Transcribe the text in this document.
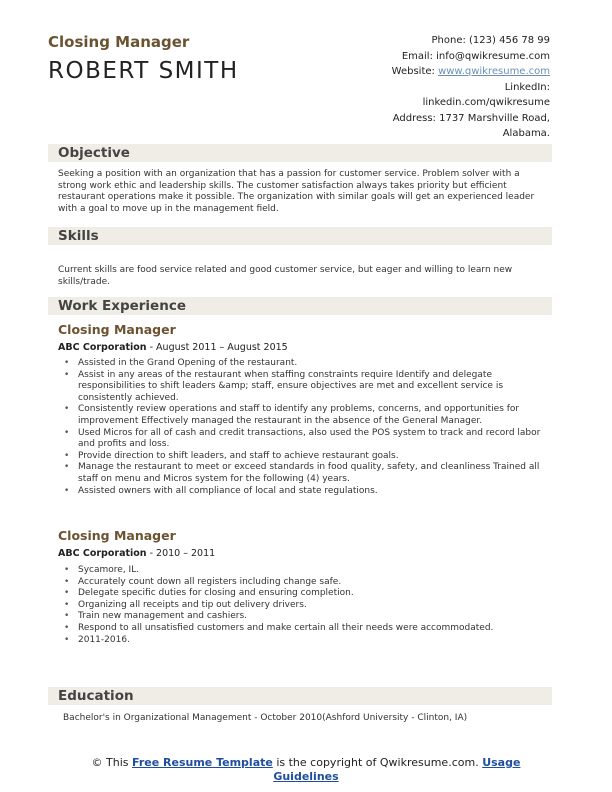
Closing Manager
ROBERT SMITH
Phone: (123) 456 78 99
Email: info@qwikresume.com
Website: www.qwikresume.com
LinkedIn:
linkedin.com/qwikresume
Address: 1737 Marshville Road,
Alabama.
Objective
Seeking a position with an organization that has a passion for customer service. Problem solver with a strong work ethic and leadership skills. The customer satisfaction always takes priority but efficient restaurant operations make it possible. The organization with similar goals will get an experienced leader with a goal to move up in the management field.
Skills
Current skills are food service related and good customer service, but eager and willing to learn new skills/trade.
Work Experience
Closing Manager
ABC Corporation - August 2011 – August 2015
• Assisted in the Grand Opening of the restaurant.
• Assist in any areas of the restaurant when staffing constraints require Identify and delegate responsibilities to shift leaders &amp; staff, ensure objectives are met and excellent service is consistently achieved.
• Consistently review operations and staff to identify any problems, concerns, and opportunities for improvement Effectively managed the restaurant in the absence of the General Manager.
• Used Micros for all of cash and credit transactions, also used the POS system to track and record labor and profits and loss.
• Provide direction to shift leaders, and staff to achieve restaurant goals.
• Manage the restaurant to meet or exceed standards in food quality, safety, and cleanliness Trained all staff on menu and Micros system for the following (4) years.
• Assisted owners with all compliance of local and state regulations.
Closing Manager
ABC Corporation - 2010 – 2011
• Sycamore, IL.
• Accurately count down all registers including change safe.
• Delegate specific duties for closing and ensuring completion.
• Organizing all receipts and tip out delivery drivers.
• Train new management and cashiers.
• Respond to all unsatisfied customers and make certain all their needs were accommodated.
• 2011-2016.
Education
Bachelor's in Organizational Management - October 2010(Ashford University - Clinton, IA)
© This Free Resume Template is the copyright of Qwikresume.com. Usage
Guidelines
